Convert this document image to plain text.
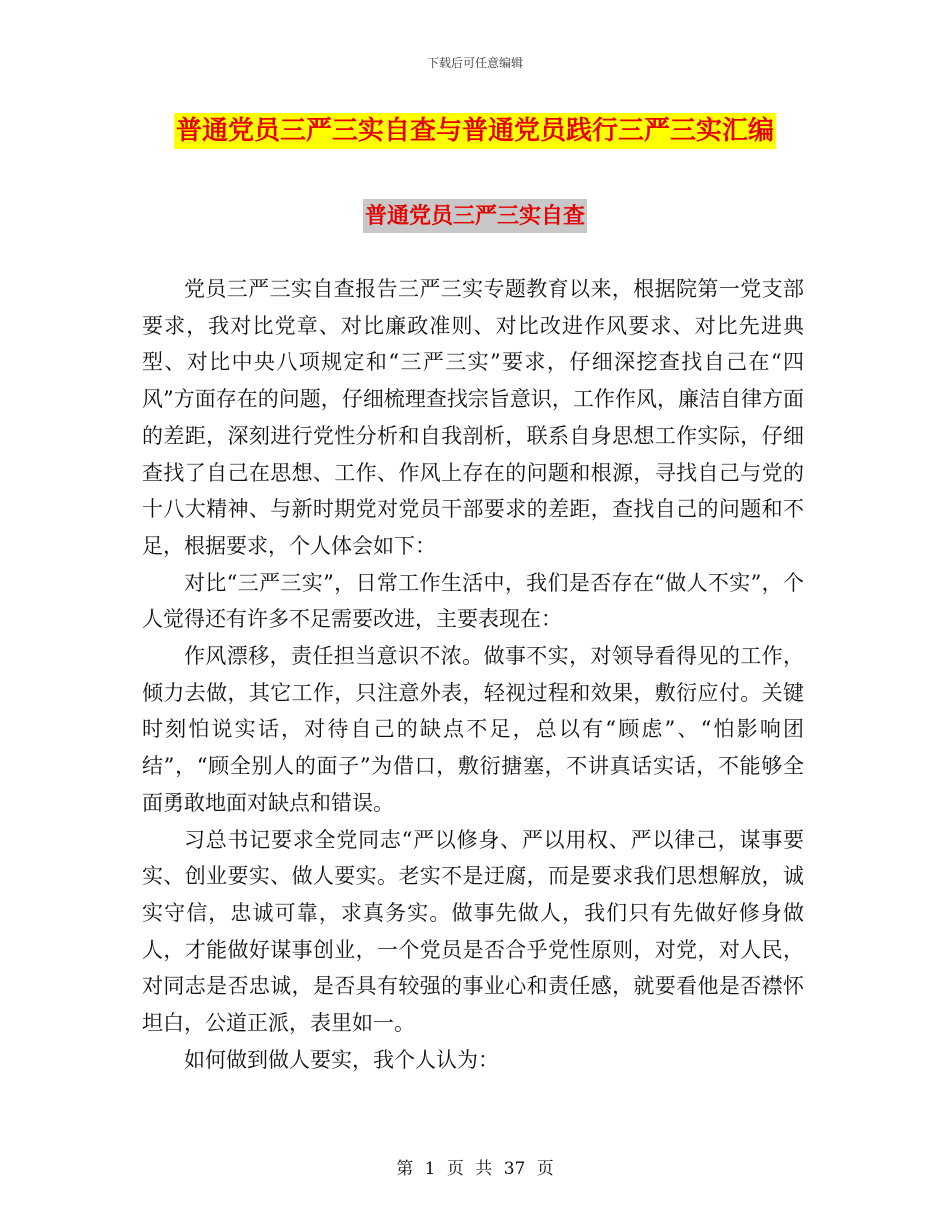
下载后可任意编辑
普通党员三严三实自查与普通党员践行三严三实汇编
普通党员三严三实自查

党员三严三实自查报告三严三实专题教育以来，根据院第一党支部要求，我对比党章、对比廉政准则、对比改进作风要求、对比先进典型、对比中央八项规定和“三严三实”要求，仔细深挖查找自己在“四风”方面存在的问题，仔细梳理查找宗旨意识，工作作风，廉洁自律方面的差距，深刻进行党性分析和自我剖析，联系自身思想工作实际，仔细查找了自己在思想、工作、作风上存在的问题和根源，寻找自己与党的十八大精神、与新时期党对党员干部要求的差距，查找自己的问题和不足，根据要求，个人体会如下：

对比“三严三实”，日常工作生活中，我们是否存在“做人不实”，个人觉得还有许多不足需要改进，主要表现在：

作风漂移，责任担当意识不浓。做事不实，对领导看得见的工作，倾力去做，其它工作，只注意外表，轻视过程和效果，敷衍应付。关键时刻怕说实话，对待自己的缺点不足，总以有“顾虑”、“怕影响团结”，“顾全别人的面子”为借口，敷衍搪塞，不讲真话实话，不能够全面勇敢地面对缺点和错误。

习总书记要求全党同志“严以修身、严以用权、严以律己，谋事要实、创业要实、做人要实。老实不是迂腐，而是要求我们思想解放，诚实守信，忠诚可靠，求真务实。做事先做人，我们只有先做好修身做人，才能做好谋事创业，一个党员是否合乎党性原则，对党，对人民，对同志是否忠诚，是否具有较强的事业心和责任感，就要看他是否襟怀坦白，公道正派，表里如一。

如何做到做人要实，我个人认为：

第 1 页 共 37 页
